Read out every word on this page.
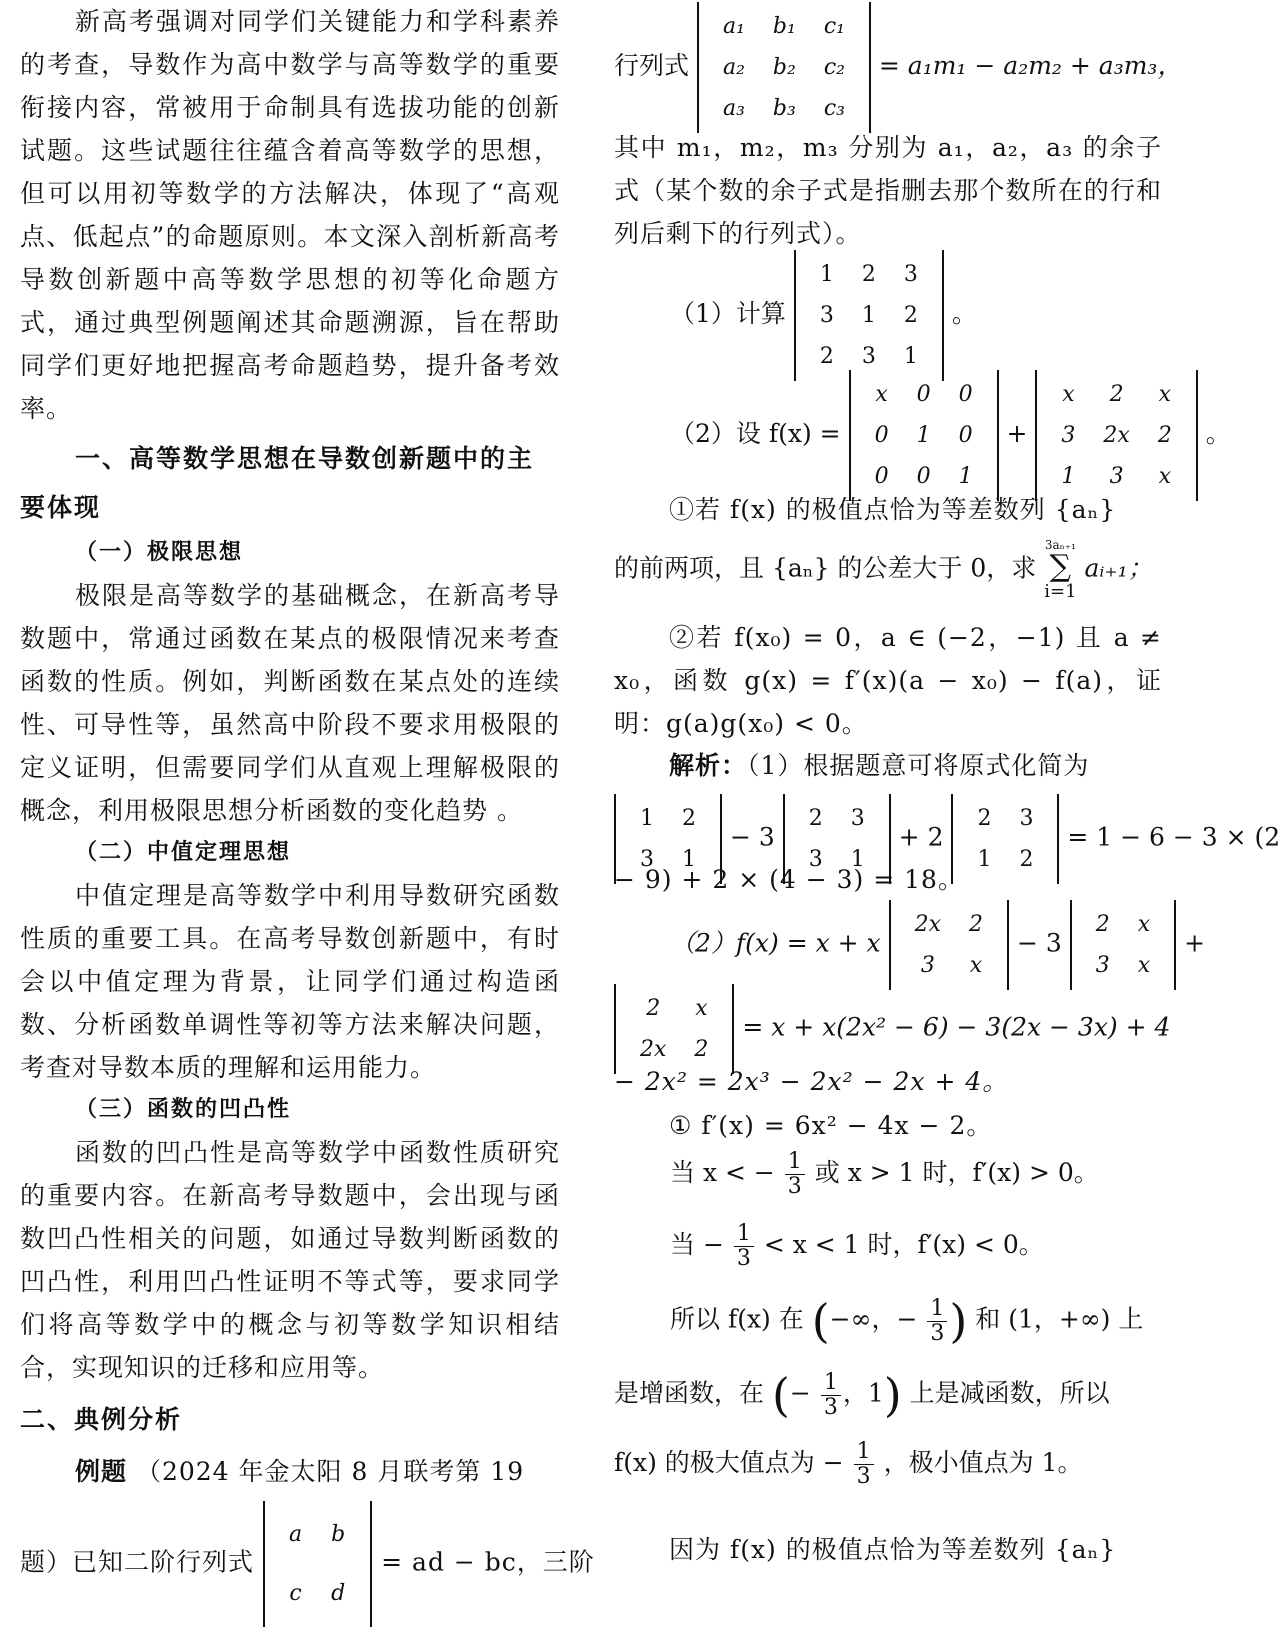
新高考强调对同学们关键能力和学科素养的考查，导数作为高中数学与高等数学的重要衔接内容，常被用于命制具有选拔功能的创新试题。这些试题往往蕴含着高等数学的思想，但可以用初等数学的方法解决，体现了“高观点、低起点”的命题原则。本文深入剖析新高考导数创新题中高等数学思想的初等化命题方式，通过典型例题阐述其命题溯源，旨在帮助同学们更好地把握高考命题趋势，提升备考效率。

一、高等数学思想在导数创新题中的主要体现

（一）极限思想

极限是高等数学的基础概念，在新高考导数题中，常通过函数在某点的极限情况来考查函数的性质。例如，判断函数在某点处的连续性、可导性等，虽然高中阶段不要求用极限的定义证明，但需要同学们从直观上理解极限的概念，利用极限思想分析函数的变化趋势 。

（二）中值定理思想

中值定理是高等数学中利用导数研究函数性质的重要工具。在高考导数创新题中，有时会以中值定理为背景，让同学们通过构造函数、分析函数单调性等初等方法来解决问题，考查对导数本质的理解和运用能力。

（三）函数的凹凸性

函数的凹凸性是高等数学中函数性质研究的重要内容。在新高考导数题中，会出现与函数凹凸性相关的问题，如通过导数判断函数的凹凸性，利用凹凸性证明不等式等，要求同学们将高等数学中的概念与初等数学知识相结合，实现知识的迁移和应用等。

二、典例分析

例题 （2024 年金太阳 8 月联考第 19

题）已知二阶行列式
a	b
c	d
= ad − bc，三阶
行列式
a₁	b₁	c₁
a₂	b₂	c₂
a₃	b₃	c₃
= a₁m₁ − a₂m₂ + a₃m₃，

其中 m₁，m₂，m₃ 分别为 a₁，a₂，a₃ 的余子式（某个数的余子式是指删去那个数所在的行和列后剩下的行列式）。

（1）计算
1	2	3
3	1	2
2	3	1
。
（2）设 f(x) =
x	0	0
0	1	0
0	0	1
+
x	2	x
3	2x	2
1	3	x
。

①若 f(x) 的极值点恰为等差数列 {aₙ}

的前两项，且 {aₙ} 的公差大于 0，求
3aₙ₊₁
∑
i=1
aᵢ₊₁；

②若 f(x₀) = 0，a ∈ (−2，−1) 且 a ≠ x₀，函数 g(x) = f′(x)(a − x₀) − f(a)，证明：g(a)g(x₀) < 0。

解析：（1）根据题意可将原式化简为

1	2
3	1
− 3
2	3
3	1
+ 2
2	3
1	2
= 1 − 6 − 3 × (2

− 9) + 2 × (4 − 3) = 18。

（2）f(x) = x + x
2x	2
3	x
− 3
2	x
3	x
+
2	x
2x	2
= x + x(2x² − 6) − 3(2x − 3x) + 4

− 2x² = 2x³ − 2x² − 2x + 4。

① f′(x) = 6x² − 4x − 2。

当 x < − $\frac{1}{3}$ 或 x > 1 时，f′(x) > 0。
当 − $\frac{1}{3} < x < 1$ 时，f′(x) < 0。
所以 f(x) 在 (−∞，− $\frac{1}{3}$ ) 和 (1，+∞) 上
是增函数，在 (− $\frac{1}{3}$ ，1) 上是减函数，所以
f(x) 的极大值点为 − $\frac{1}{3}$ ，极小值点为 1。

因为 f(x) 的极值点恰为等差数列 {aₙ}
